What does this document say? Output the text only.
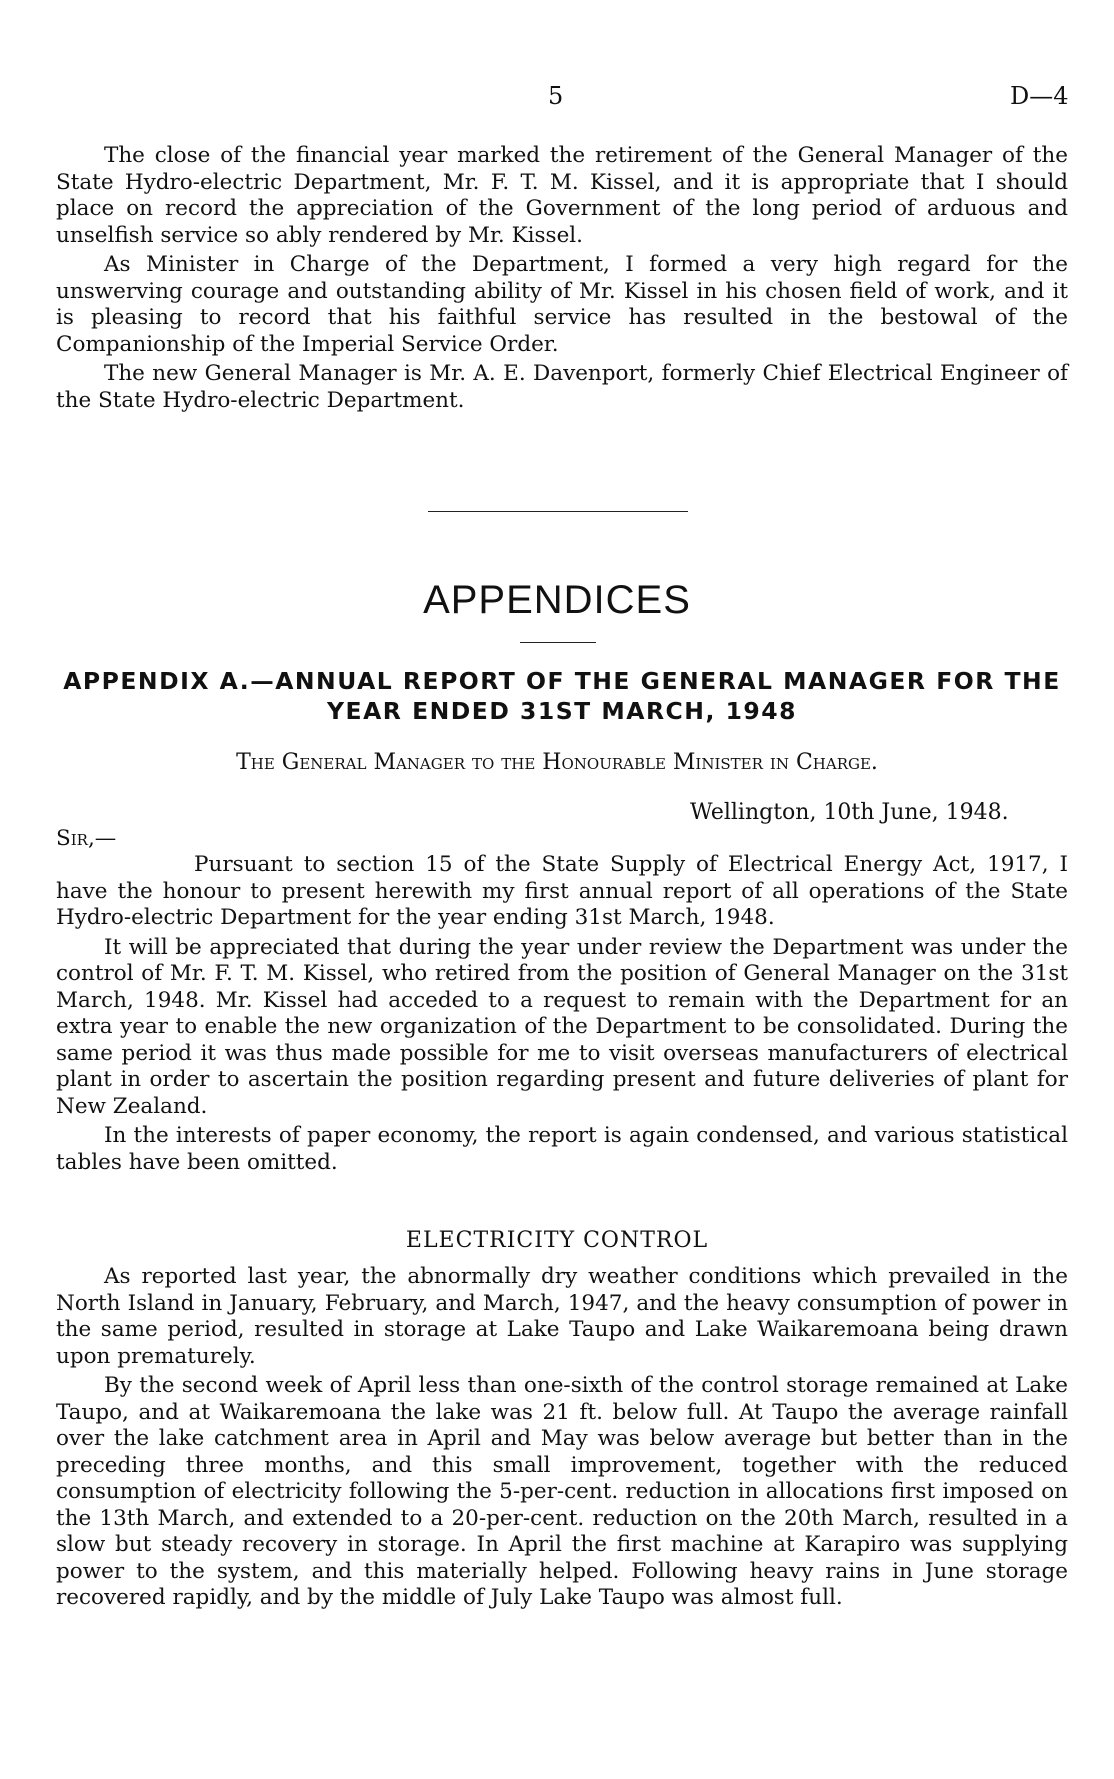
5	D—4

The close of the financial year marked the retirement of the General Manager of the State Hydro-electric Department, Mr. F. T. M. Kissel, and it is appropriate that I should place on record the appreciation of the Government of the long period of arduous and unselfish service so ably rendered by Mr. Kissel.

As Minister in Charge of the Department, I formed a very high regard for the unswerving courage and outstanding ability of Mr. Kissel in his chosen field of work, and it is pleasing to record that his faithful service has resulted in the bestowal of the Companionship of the Imperial Service Order.

The new General Manager is Mr. A. E. Davenport, formerly Chief Electrical Engineer of the State Hydro-electric Department.

APPENDICES
APPENDIX A.—ANNUAL REPORT OF THE GENERAL MANAGER FOR THE
YEAR ENDED 31ST MARCH, 1948
The General Manager to the Honourable Minister in Charge.
Wellington, 10th June, 1948.
Sir,—

Pursuant to section 15 of the State Supply of Electrical Energy Act, 1917, I have the honour to present herewith my first annual report of all operations of the State Hydro-electric Department for the year ending 31st March, 1948.

It will be appreciated that during the year under review the Department was under the control of Mr. F. T. M. Kissel, who retired from the position of General Manager on the 31st March, 1948. Mr. Kissel had acceded to a request to remain with the Department for an extra year to enable the new organization of the Department to be consolidated. During the same period it was thus made possible for me to visit overseas manufacturers of electrical plant in order to ascertain the position regarding present and future deliveries of plant for New Zealand.

In the interests of paper economy, the report is again condensed, and various statistical tables have been omitted.

ELECTRICITY CONTROL

As reported last year, the abnormally dry weather conditions which prevailed in the North Island in January, February, and March, 1947, and the heavy consumption of power in the same period, resulted in storage at Lake Taupo and Lake Waikaremoana being drawn upon prematurely.

By the second week of April less than one-sixth of the control storage remained at Lake Taupo, and at Waikaremoana the lake was 21 ft. below full. At Taupo the average rainfall over the lake catchment area in April and May was below average but better than in the preceding three months, and this small improvement, together with the reduced consumption of electricity following the 5-per-cent. reduction in allocations first imposed on the 13th March, and extended to a 20-per-cent. reduction on the 20th March, resulted in a slow but steady recovery in storage. In April the first machine at Karapiro was supplying power to the system, and this materially helped. Following heavy rains in June storage recovered rapidly, and by the middle of July Lake Taupo was almost full.
